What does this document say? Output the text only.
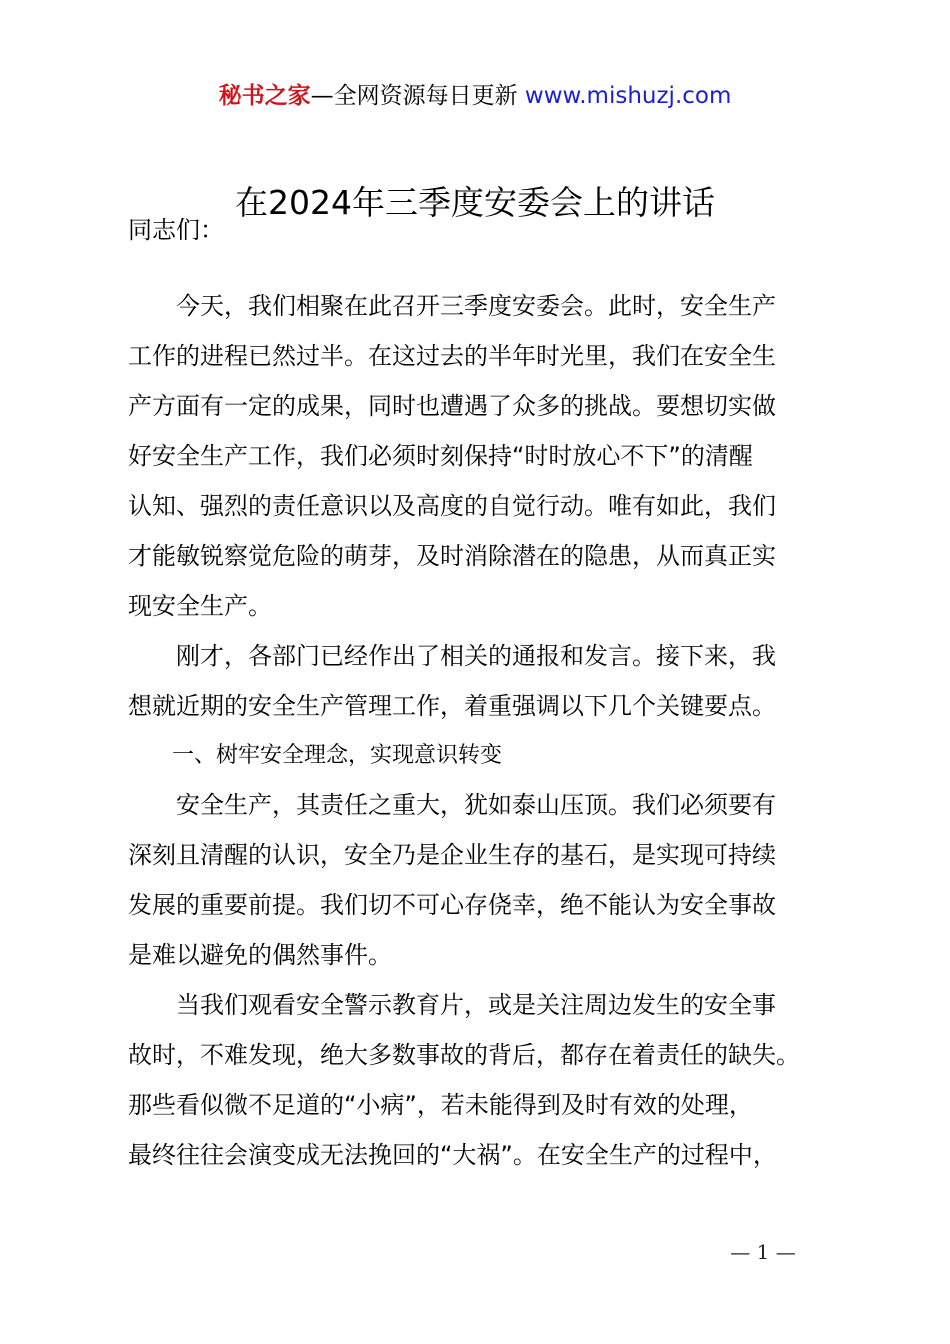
秘书之家—全网资源每日更新 www.mishuzj.com
在2024年三季度安委会上的讲话

同志们：

　　今天，我们相聚在此召开三季度安委会。此时，安全生产
工作的进程已然过半。在这过去的半年时光里，我们在安全生
产方面有一定的成果，同时也遭遇了众多的挑战。要想切实做
好安全生产工作，我们必须时刻保持“时时放心不下”的清醒
认知、强烈的责任意识以及高度的自觉行动。唯有如此，我们
才能敏锐察觉危险的萌芽，及时消除潜在的隐患，从而真正实
现安全生产。
　　刚才，各部门已经作出了相关的通报和发言。接下来，我
想就近期的安全生产管理工作，着重强调以下几个关键要点。
　　一、树牢安全理念，实现意识转变
　　安全生产，其责任之重大，犹如泰山压顶。我们必须要有
深刻且清醒的认识，安全乃是企业生存的基石，是实现可持续
发展的重要前提。我们切不可心存侥幸，绝不能认为安全事故
是难以避免的偶然事件。
　　当我们观看安全警示教育片，或是关注周边发生的安全事
故时，不难发现，绝大多数事故的背后，都存在着责任的缺失。
那些看似微不足道的“小病”，若未能得到及时有效的处理，
最终往往会演变成无法挽回的“大祸”。在安全生产的过程中，
— 1 —
